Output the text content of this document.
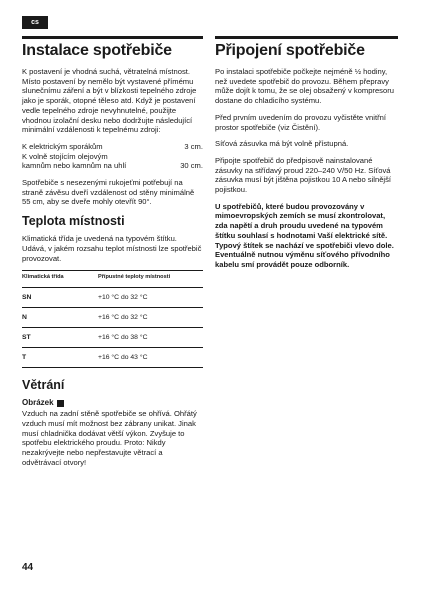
cs
Instalace spotřebiče

K postavení je vhodná suchá, větratelná místnost. Místo postavení by nemělo být vystavené přímému slunečnímu záření a být v blízkosti tepelného zdroje jako je sporák, otopné těleso atd. Když je postavení vedle tepelného zdroje nevyhnutelné, použijte vhodnou izolační desku nebo dodržujte následující minimální vzdálenosti k tepelnému zdroji:

K elektrickým sporákům	3 cm.
K volně stojícím olejovým
kamnům nebo kamnům na uhlí	30 cm.

Spotřebiče s nesezenými rukojeťmi potřebují na straně závěsu dveří vzdálenost od stěny minimálně 55 cm, aby se dveře mohly otevřít 90°.

Teplota místnosti

Klimatická třída je uvedená na typovém štítku. Udává, v jakém rozsahu teplot místnosti lze spotřebič provozovat.

Klimatická třída	Přípustné teploty místnosti
SN	+10 °C do 32 °C
N	+16 °C do 32 °C
ST	+16 °C do 38 °C
T	+16 °C do 43 °C
Větrání
Obrázek

Vzduch na zadní stěně spotřebiče se ohřívá. Ohřátý vzduch musí mít možnost bez zábrany unikat. Jinak musí chladnička dodávat větší výkon. Zvyšuje to spotřebu elektrického proudu. Proto: Nikdy nezakrývejte nebo nepřestavujte větrací a odvětrávací otvory!

Připojení spotřebiče

Po instalaci spotřebiče počkejte nejméně ½ hodiny, než uvedete spotřebič do provozu. Během přepravy může dojít k tomu, že se olej obsažený v kompresoru dostane do chladicího systému.

Před prvním uvedením do provozu vyčistěte vnitřní prostor spotřebiče (viz Čistění).

Síťová zásuvka má být volně přístupná.

Připojte spotřebič do předpisově nainstalované zásuvky na střídavý proud 220–240 V/50 Hz. Síťová zásuvka musí být jištěna pojistkou 10 A nebo silnější pojistkou.

U spotřebičů, které budou provozovány v mimoevropských zemích se musí zkontrolovat, zda napětí a druh proudu uvedené na typovém štítku souhlasí s hodnotami Vaší elektrické sítě. Typový štítek se nachází ve spotřebiči vlevo dole. Eventuálně nutnou výměnu síťového přívodního kabelu smí provádět pouze odborník.

44
